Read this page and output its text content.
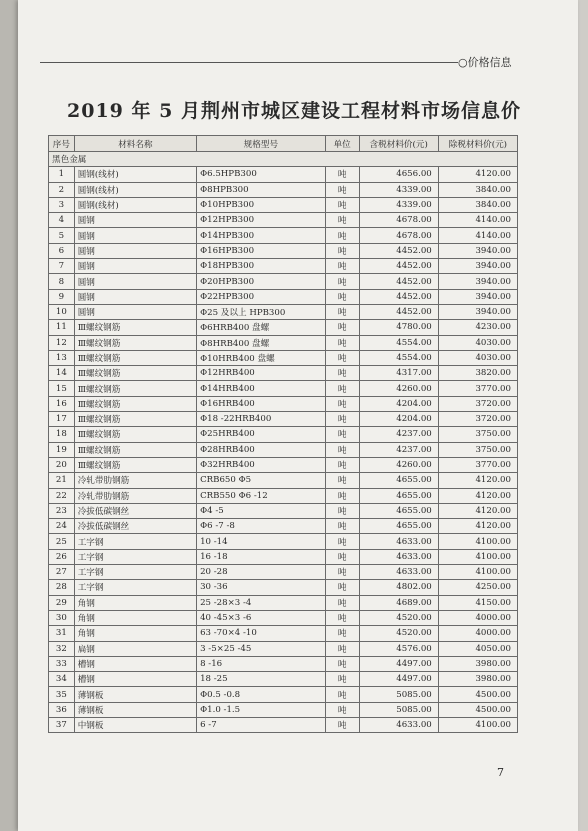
○价格信息
2019 年 5 月荆州市城区建设工程材料市场信息价
序号	材料名称	规格型号	单位	含税材料价(元)	除税材料价(元)
黑色金属					
1	圆钢(线材)	Φ6.5HPB300	吨	4656.00	4120.00
2	圆钢(线材)	Φ8HPB300	吨	4339.00	3840.00
3	圆钢(线材)	Φ10HPB300	吨	4339.00	3840.00
4	圆钢	Φ12HPB300	吨	4678.00	4140.00
5	圆钢	Φ14HPB300	吨	4678.00	4140.00
6	圆钢	Φ16HPB300	吨	4452.00	3940.00
7	圆钢	Φ18HPB300	吨	4452.00	3940.00
8	圆钢	Φ20HPB300	吨	4452.00	3940.00
9	圆钢	Φ22HPB300	吨	4452.00	3940.00
10	圆钢	Φ25 及以上 HPB300	吨	4452.00	3940.00
11	Ⅲ螺纹钢筋	Φ6HRB400 盘螺	吨	4780.00	4230.00
12	Ⅲ螺纹钢筋	Φ8HRB400 盘螺	吨	4554.00	4030.00
13	Ⅲ螺纹钢筋	Φ10HRB400 盘螺	吨	4554.00	4030.00
14	Ⅲ螺纹钢筋	Φ12HRB400	吨	4317.00	3820.00
15	Ⅲ螺纹钢筋	Φ14HRB400	吨	4260.00	3770.00
16	Ⅲ螺纹钢筋	Φ16HRB400	吨	4204.00	3720.00
17	Ⅲ螺纹钢筋	Φ18 -22HRB400	吨	4204.00	3720.00
18	Ⅲ螺纹钢筋	Φ25HRB400	吨	4237.00	3750.00
19	Ⅲ螺纹钢筋	Φ28HRB400	吨	4237.00	3750.00
20	Ⅲ螺纹钢筋	Φ32HRB400	吨	4260.00	3770.00
21	冷轧带肋钢筋	CRB650 Φ5	吨	4655.00	4120.00
22	冷轧带肋钢筋	CRB550 Φ6 -12	吨	4655.00	4120.00
23	冷拔低碳钢丝	Φ4 -5	吨	4655.00	4120.00
24	冷拔低碳钢丝	Φ6 -7 -8	吨	4655.00	4120.00
25	工字钢	10 -14	吨	4633.00	4100.00
26	工字钢	16 -18	吨	4633.00	4100.00
27	工字钢	20 -28	吨	4633.00	4100.00
28	工字钢	30 -36	吨	4802.00	4250.00
29	角钢	25 -28×3 -4	吨	4689.00	4150.00
30	角钢	40 -45×3 -6	吨	4520.00	4000.00
31	角钢	63 -70×4 -10	吨	4520.00	4000.00
32	扁钢	3 -5×25 -45	吨	4576.00	4050.00
33	槽钢	8 -16	吨	4497.00	3980.00
34	槽钢	18 -25	吨	4497.00	3980.00
35	薄钢板	Φ0.5 -0.8	吨	5085.00	4500.00
36	薄钢板	Φ1.0 -1.5	吨	5085.00	4500.00
37	中钢板	6 -7	吨	4633.00	4100.00
7
